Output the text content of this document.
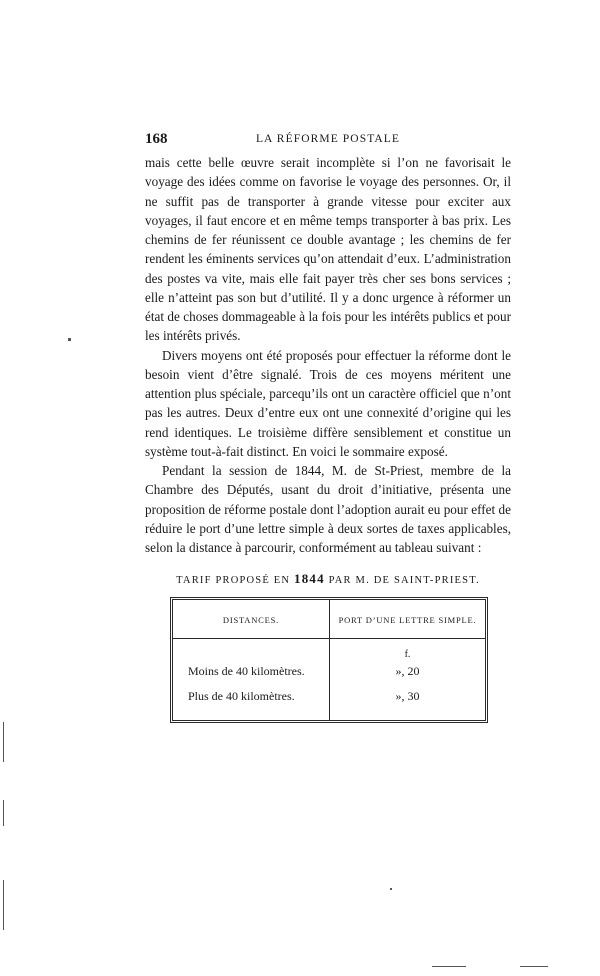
168	LA RÉFORME POSTALE

mais cette belle œuvre serait incomplète si l’on ne favorisait le voyage des idées comme on favorise le voyage des personnes. Or, il ne suffit pas de transporter à grande vitesse pour exciter aux voyages, il faut encore et en même temps transporter à bas prix. Les chemins de fer réunissent ce double avantage ; les chemins de fer rendent les éminents services qu’on attendait d’eux. L’administration des postes va vite, mais elle fait payer très cher ses bons services ; elle n’atteint pas son but d’utilité. Il y a donc urgence à réformer un état de choses dommageable à la fois pour les intérêts publics et pour les intérêts privés.

Divers moyens ont été proposés pour effectuer la réforme dont le besoin vient d’être signalé. Trois de ces moyens méritent une attention plus spéciale, parcequ’ils ont un caractère officiel que n’ont pas les autres. Deux d’entre eux ont une connexité d’origine qui les rend identiques. Le troisième diffère sensiblement et constitue un système tout-à-fait distinct. En voici le sommaire exposé.

Pendant la session de 1844, M. de St-Priest, membre de la Chambre des Députés, usant du droit d’initiative, présenta une proposition de réforme postale dont l’adoption aurait eu pour effet de réduire le port d’une lettre simple à deux sortes de taxes applicables, selon la distance à parcourir, conformément au tableau suivant :

TARIF PROPOSÉ EN 1844 PAR M. DE SAINT-PRIEST.
DISTANCES.	PORT D’UNE LETTRE SIMPLE.
f.
Moins de 40 kilomètres.	», 20
Plus de 40 kilomètres.	», 30
